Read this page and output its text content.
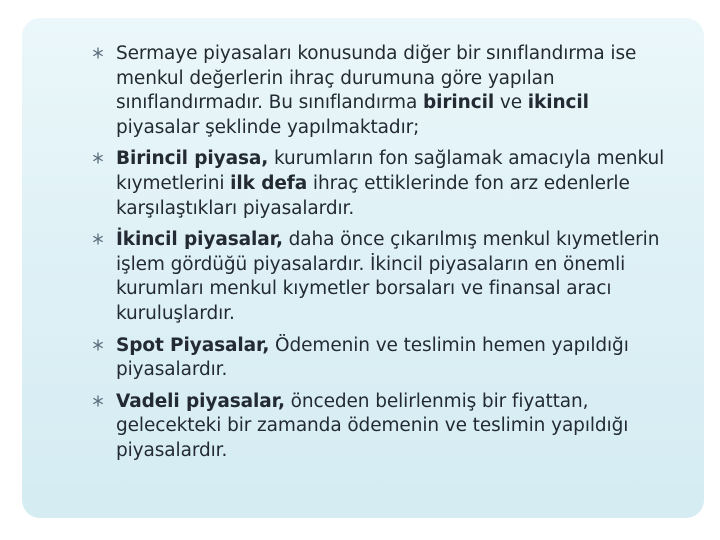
Sermaye piyasaları konusunda diğer bir sınıflandırma ise menkul değerlerin ihraç durumuna göre yapılan sınıflandırmadır. Bu sınıflandırma birincil ve ikincil piyasalar şeklinde yapılmaktadır;
Birincil piyasa, kurumların fon sağlamak amacıyla menkul kıymetlerini ilk defa ihraç ettiklerinde fon arz edenlerle karşılaştıkları piyasalardır.
İkincil piyasalar, daha önce çıkarılmış menkul kıymetlerin işlem gördüğü piyasalardır. İkincil piyasaların en önemli kurumları menkul kıymetler borsaları ve finansal aracı kuruluşlardır.
Spot Piyasalar, Ödemenin ve teslimin hemen yapıldığı piyasalardır.
Vadeli piyasalar, önceden belirlenmiş bir fiyattan, gelecekteki bir zamanda ödemenin ve teslimin yapıldığı piyasalardır.
